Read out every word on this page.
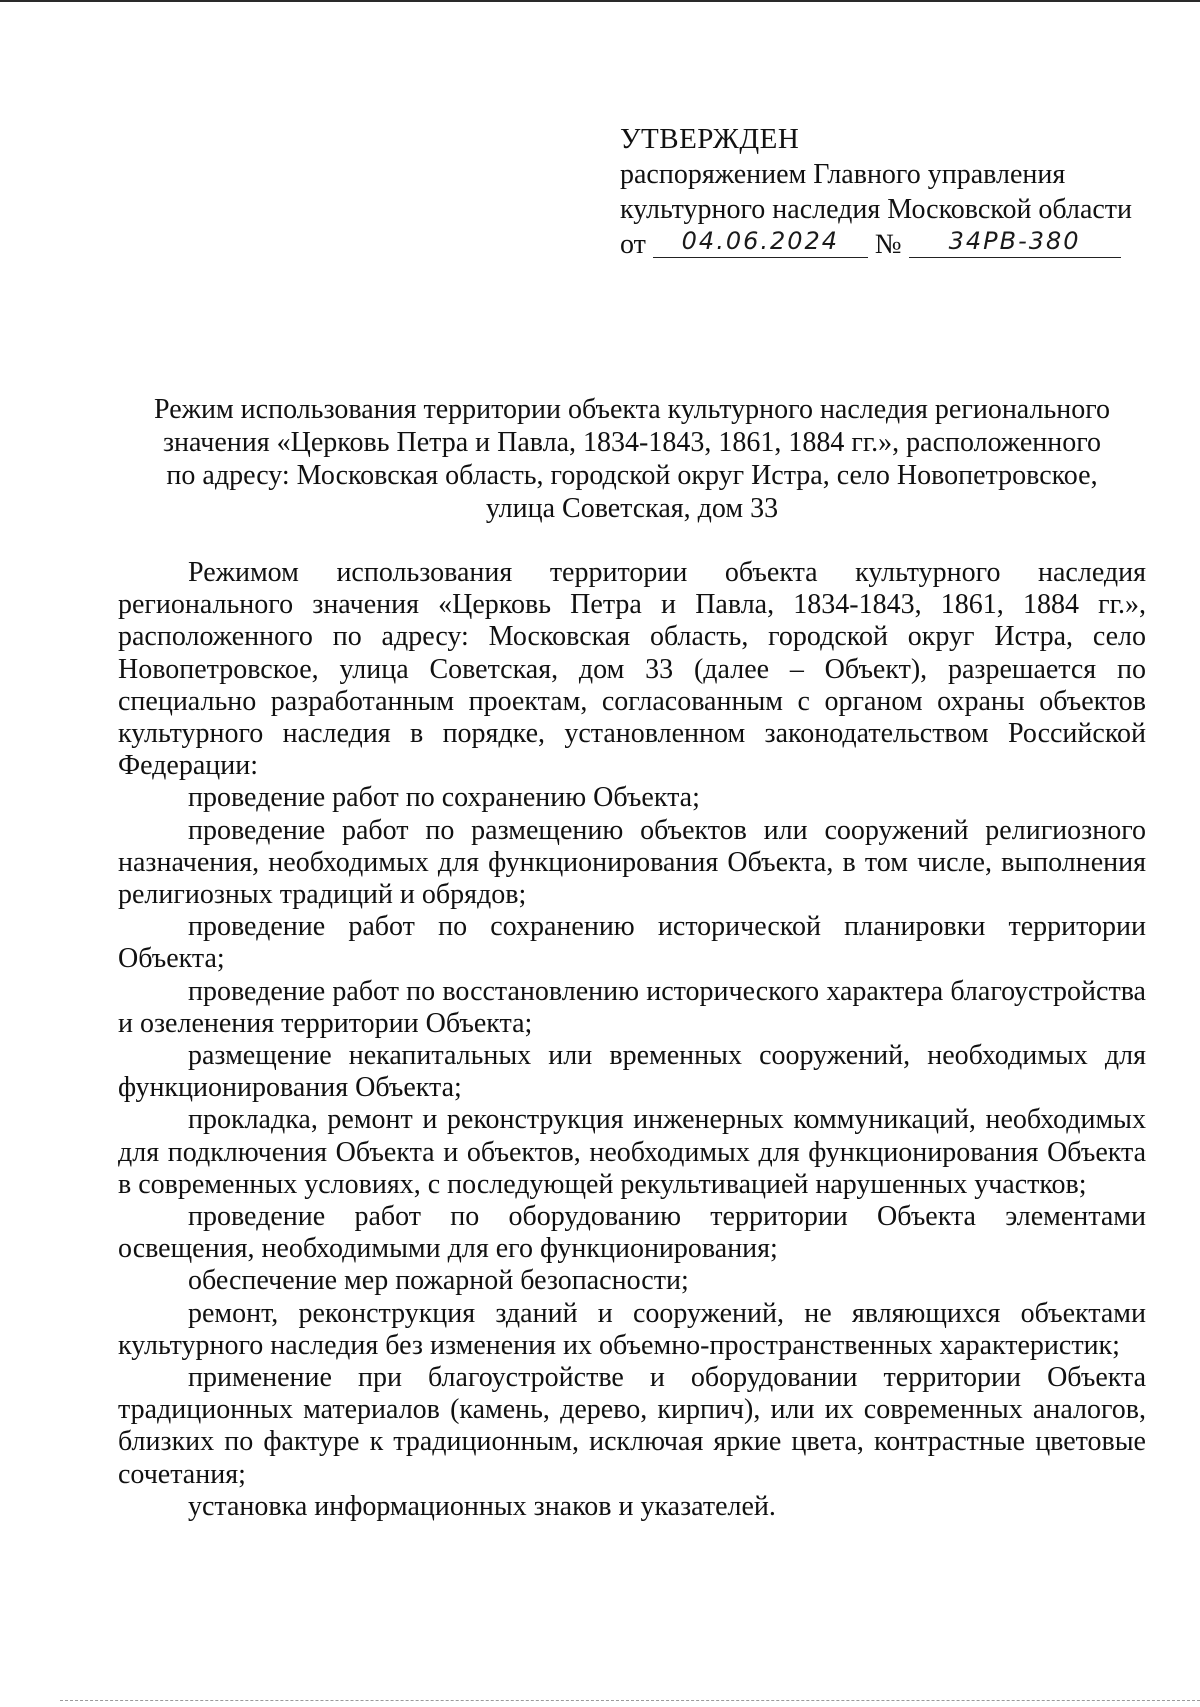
УТВЕРЖДЕН
распоряжением Главного управления
культурного наследия Московской области
от 04.06.2024 № 34РВ-380
Режим использования территории объекта культурного наследия регионального
значения «Церковь Петра и Павла, 1834-1843, 1861, 1884 гг.», расположенного
по адресу: Московская область, городской округ Истра, село Новопетровское,
улица Советская, дом 33

Режимом использования территории объекта культурного наследия регионального значения «Церковь Петра и Павла, 1834-1843, 1861, 1884 гг.», расположенного по адресу: Московская область, городской округ Истра, село Новопетровское, улица Советская, дом 33 (далее – Объект), разрешается по специально разработанным проектам, согласованным с органом охраны объектов культурного наследия в порядке, установленном законодательством Российской Федерации:

проведение работ по сохранению Объекта;

проведение работ по размещению объектов или сооружений религиозного назначения, необходимых для функционирования Объекта, в том числе, выполнения религиозных традиций и обрядов;

проведение работ по сохранению исторической планировки территории Объекта;

проведение работ по восстановлению исторического характера благоустройства и озеленения территории Объекта;

размещение некапитальных или временных сооружений, необходимых для функционирования Объекта;

прокладка, ремонт и реконструкция инженерных коммуникаций, необходимых для подключения Объекта и объектов, необходимых для функционирования Объекта в современных условиях, с последующей рекультивацией нарушенных участков;

проведение работ по оборудованию территории Объекта элементами освещения, необходимыми для его функционирования;

обеспечение мер пожарной безопасности;

ремонт, реконструкция зданий и сооружений, не являющихся объектами культурного наследия без изменения их объемно-пространственных характеристик;

применение при благоустройстве и оборудовании территории Объекта традиционных материалов (камень, дерево, кирпич), или их современных аналогов, близких по фактуре к традиционным, исключая яркие цвета, контрастные цветовые сочетания;

установка информационных знаков и указателей.
